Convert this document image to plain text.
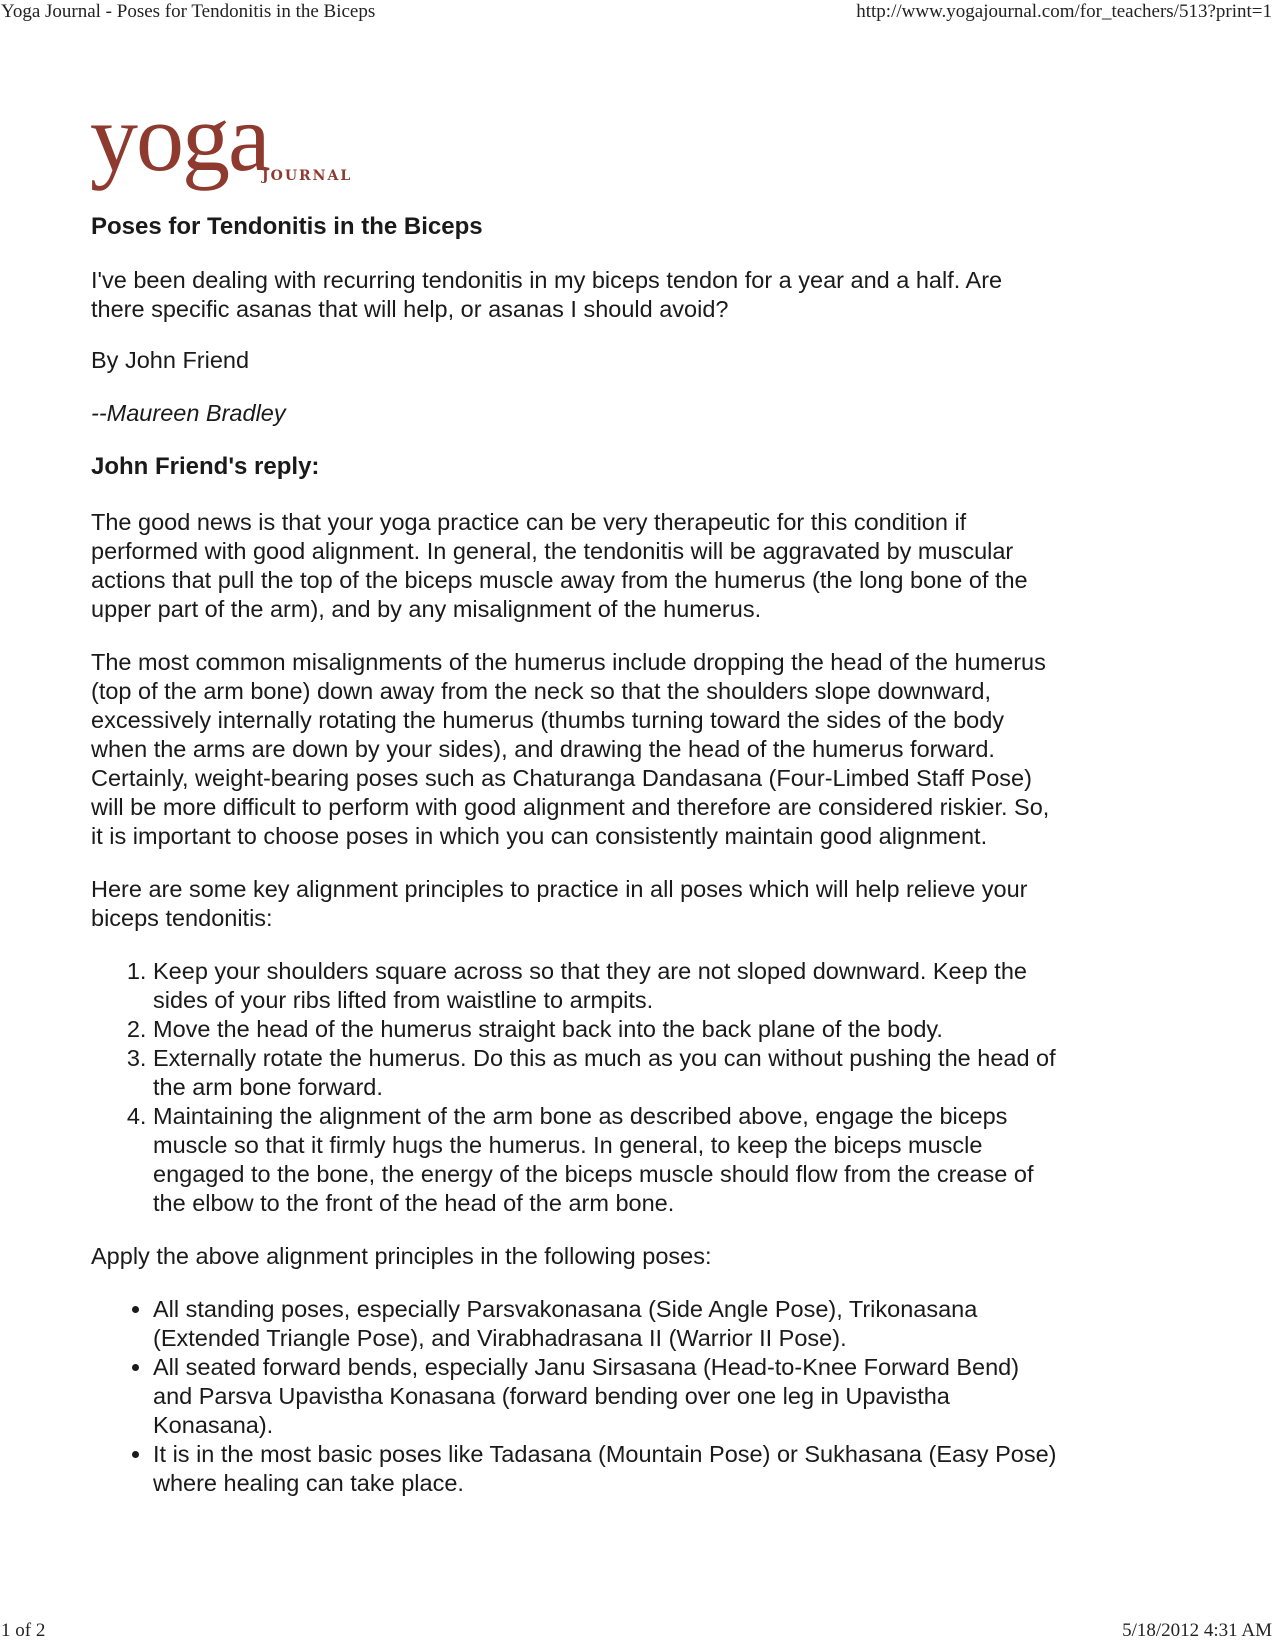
Yoga Journal - Poses for Tendonitis in the Biceps	http://www.yogajournal.com/for_teachers/513?print=1
yoga
JOURNAL
Poses for Tendonitis in the Biceps

I've been dealing with recurring tendonitis in my biceps tendon for a year and a half. Are there specific asanas that will help, or asanas I should avoid?

By John Friend

--Maureen Bradley

John Friend's reply:

The good news is that your yoga practice can be very therapeutic for this condition if performed with good alignment. In general, the tendonitis will be aggravated by muscular actions that pull the top of the biceps muscle away from the humerus (the long bone of the upper part of the arm), and by any misalignment of the humerus.

The most common misalignments of the humerus include dropping the head of the humerus (top of the arm bone) down away from the neck so that the shoulders slope downward, excessively internally rotating the humerus (thumbs turning toward the sides of the body when the arms are down by your sides), and drawing the head of the humerus forward. Certainly, weight-bearing poses such as Chaturanga Dandasana (Four-Limbed Staff Pose) will be more difficult to perform with good alignment and therefore are considered riskier. So, it is important to choose poses in which you can consistently maintain good alignment.

Here are some key alignment principles to practice in all poses which will help relieve your biceps tendonitis:

1. Keep your shoulders square across so that they are not sloped downward. Keep the sides of your ribs lifted from waistline to armpits.
2. Move the head of the humerus straight back into the back plane of the body.
3. Externally rotate the humerus. Do this as much as you can without pushing the head of the arm bone forward.
4. Maintaining the alignment of the arm bone as described above, engage the biceps muscle so that it firmly hugs the humerus. In general, to keep the biceps muscle engaged to the bone, the energy of the biceps muscle should flow from the crease of the elbow to the front of the head of the arm bone.

Apply the above alignment principles in the following poses:

• All standing poses, especially Parsvakonasana (Side Angle Pose), Trikonasana (Extended Triangle Pose), and Virabhadrasana II (Warrior II Pose).
• All seated forward bends, especially Janu Sirsasana (Head-to-Knee Forward Bend) and Parsva Upavistha Konasana (forward bending over one leg in Upavistha Konasana).
• It is in the most basic poses like Tadasana (Mountain Pose) or Sukhasana (Easy Pose) where healing can take place.
1 of 2	5/18/2012 4:31 AM
